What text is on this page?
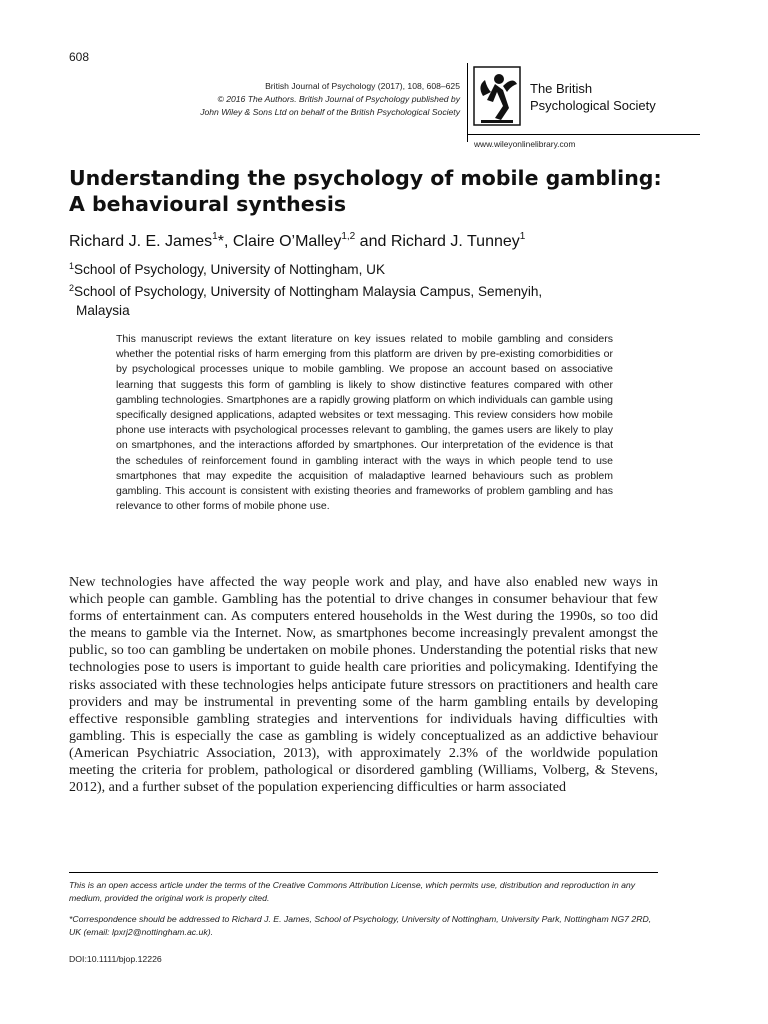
608
British Journal of Psychology (2017), 108, 608–625
© 2016 The Authors. British Journal of Psychology published by
John Wiley & Sons Ltd on behalf of the British Psychological Society
The British
Psychological Society
www.wileyonlinelibrary.com
Understanding the psychology of mobile gambling:
A behavioural synthesis
Richard J. E. James$^1$*, Claire O’Malley$^{1,2}$ and Richard J. Tunney$^1$
$^1$School of Psychology, University of Nottingham, UK
$^2$School of Psychology, University of Nottingham Malaysia Campus, Semenyih,
Malaysia

This manuscript reviews the extant literature on key issues related to mobile gambling and considers whether the potential risks of harm emerging from this platform are driven by pre-existing comorbidities or by psychological processes unique to mobile gambling. We propose an account based on associative learning that suggests this form of gambling is likely to show distinctive features compared with other gambling technologies. Smartphones are a rapidly growing platform on which individuals can gamble using specifically designed applications, adapted websites or text messaging. This review considers how mobile phone use interacts with psychological processes relevant to gambling, the games users are likely to play on smartphones, and the interactions afforded by smartphones. Our interpretation of the evidence is that the schedules of reinforcement found in gambling interact with the ways in which people tend to use smartphones that may expedite the acquisition of maladaptive learned behaviours such as problem gambling. This account is consistent with existing theories and frameworks of problem gambling and has relevance to other forms of mobile phone use.

New technologies have affected the way people work and play, and have also enabled new ways in which people can gamble. Gambling has the potential to drive changes in consumer behaviour that few forms of entertainment can. As computers entered households in the West during the 1990s, so too did the means to gamble via the Internet. Now, as smartphones become increasingly prevalent amongst the public, so too can gambling be undertaken on mobile phones. Understanding the potential risks that new technologies pose to users is important to guide health care priorities and policymaking. Identifying the risks associated with these technologies helps anticipate future stressors on practitioners and health care providers and may be instrumental in preventing some of the harm gambling entails by developing effective responsible gambling strategies and interventions for individuals having difficulties with gambling. This is especially the case as gambling is widely conceptualized as an addictive behaviour (American Psychiatric Association, 2013), with approximately 2.3% of the worldwide population meeting the criteria for problem, pathological or disordered gambling (Williams, Volberg, & Stevens, 2012), and a further subset of the population experiencing difficulties or harm associated

This is an open access article under the terms of the Creative Commons Attribution License, which permits use, distribution and reproduction in any medium, provided the original work is properly cited.

*Correspondence should be addressed to Richard J. E. James, School of Psychology, University of Nottingham, University Park, Nottingham NG7 2RD, UK (email: lpxrj2@nottingham.ac.uk).

DOI:10.1111/bjop.12226
